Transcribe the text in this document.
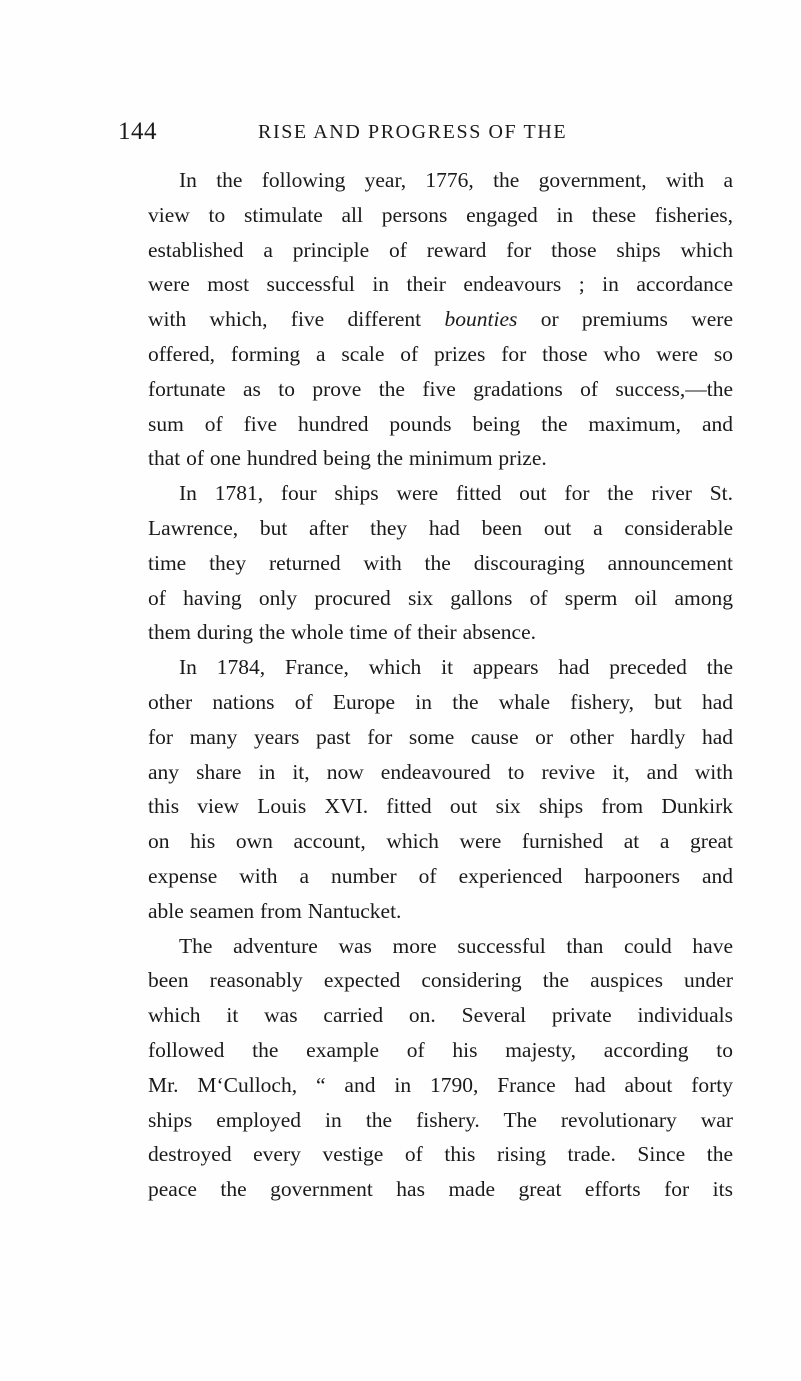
144	RISE AND PROGRESS OF THE

In the following year, 1776, the government, with a
view to stimulate all persons engaged in these fisheries,
established a principle of reward for those ships which
were most successful in their endeavours ; in accordance
with which, five different bounties or premiums were
offered, forming a scale of prizes for those who were so
fortunate as to prove the five gradations of success,—the
sum of five hundred pounds being the maximum, and
that of one hundred being the minimum prize.

In 1781, four ships were fitted out for the river St.
Lawrence, but after they had been out a considerable
time they returned with the discouraging announcement
of having only procured six gallons of sperm oil among
them during the whole time of their absence.

In 1784, France, which it appears had preceded the
other nations of Europe in the whale fishery, but had
for many years past for some cause or other hardly had
any share in it, now endeavoured to revive it, and with
this view Louis XVI. fitted out six ships from Dunkirk
on his own account, which were furnished at a great
expense with a number of experienced harpooners and
able seamen from Nantucket.

The adventure was more successful than could have
been reasonably expected considering the auspices under
which it was carried on. Several private individuals
followed the example of his majesty, according to
Mr. M‘Culloch, “ and in 1790, France had about forty
ships employed in the fishery. The revolutionary war
destroyed every vestige of this rising trade. Since the
peace the government has made great efforts for its
